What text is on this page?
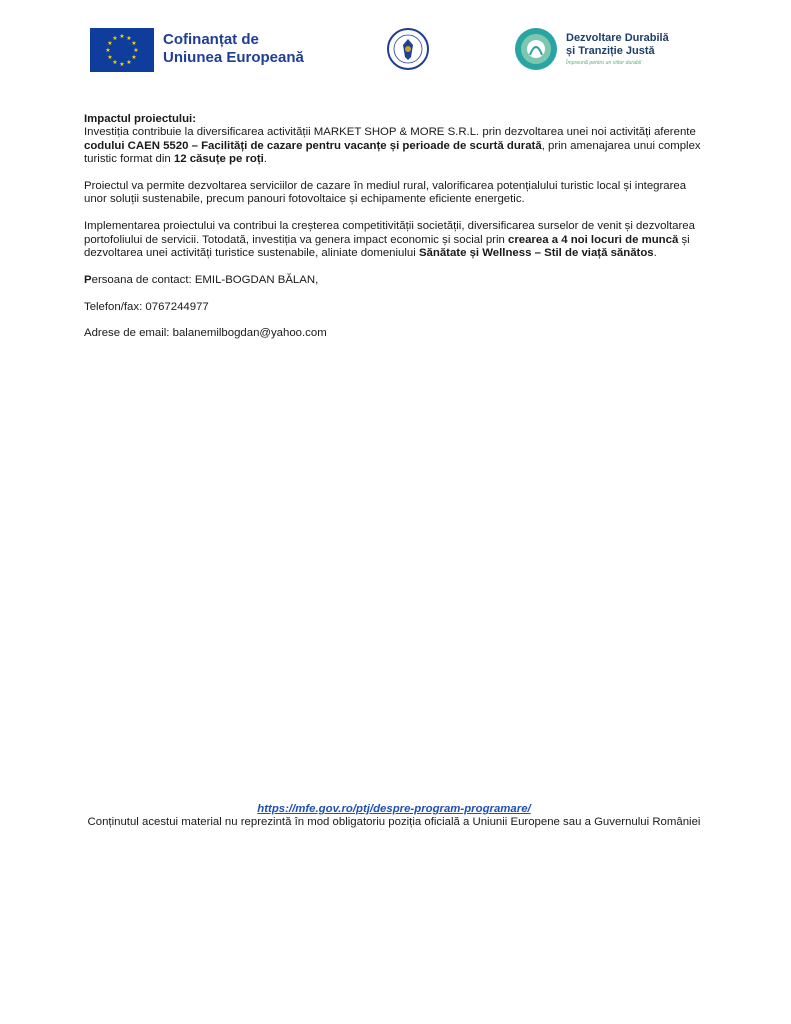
★ ★
★
★
★
★
★
★
★
★
★
★	Cofinanțat de
Uniunea Europeană
Dezvoltare Durabilă
și Tranziție Justă
Împreună pentru un viitor durabil
Impactul proiectului:

Investiția contribuie la diversificarea activității MARKET SHOP & MORE S.R.L. prin dezvoltarea unei noi activități aferente codului CAEN 5520 – Facilități de cazare pentru vacanțe și perioade de scurtă durată, prin amenajarea unui complex turistic format din 12 căsuțe pe roți.

Proiectul va permite dezvoltarea serviciilor de cazare în mediul rural, valorificarea potențialului turistic local și integrarea unor soluții sustenabile, precum panouri fotovoltaice și echipamente eficiente energetic.

Implementarea proiectului va contribui la creșterea competitivității societății, diversificarea surselor de venit și dezvoltarea portofoliului de servicii. Totodată, investiția va genera impact economic și social prin crearea a 4 noi locuri de muncă și dezvoltarea unei activități turistice sustenabile, aliniate domeniului Sănătate și Wellness – Stil de viață sănătos.

Persoana de contact: EMIL-BOGDAN BĂLAN,

Telefon/fax: 0767244977

Adrese de email: balanemilbogdan@yahoo.com

https://mfe.gov.ro/ptj/despre-program-programare/
Conținutul acestui material nu reprezintă în mod obligatoriu poziția oficială a Uniunii Europene sau a Guvernului României
